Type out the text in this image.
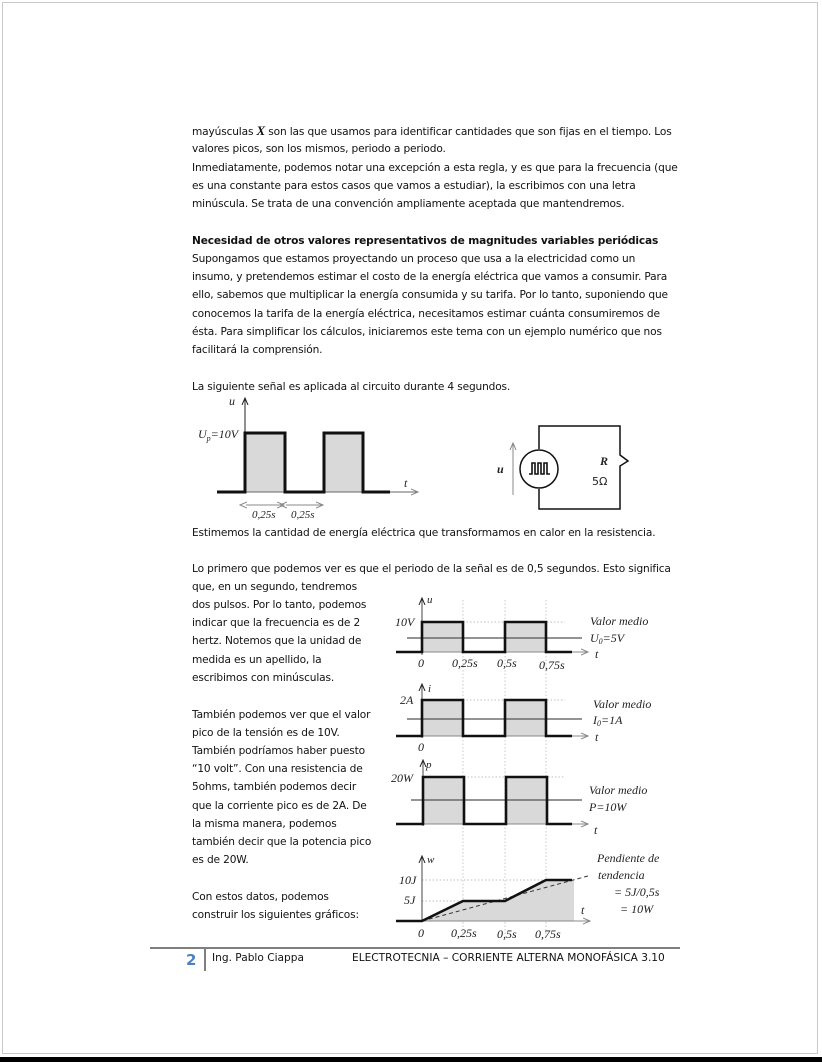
mayúsculas X son las que usamos para identificar cantidades que son fijas en el tiempo. Los
valores picos, son los mismos, periodo a periodo.
Inmediatamente, podemos notar una excepción a esta regla, y es que para la frecuencia (que
es una constante para estos casos que vamos a estudiar), la escribimos con una letra
minúscula. Se trata de una convención ampliamente aceptada que mantendremos.
Necesidad de otros valores representativos de magnitudes variables periódicas
Supongamos que estamos proyectando un proceso que usa a la electricidad como un
insumo, y pretendemos estimar el costo de la energía eléctrica que vamos a consumir. Para
ello, sabemos que multiplicar la energía consumida y su tarifa. Por lo tanto, suponiendo que
conocemos la tarifa de la energía eléctrica, necesitamos estimar cuánta consumiremos de
ésta. Para simplificar los cálculos, iniciaremos este tema con un ejemplo numérico que nos
facilitará la comprensión.
La siguiente señal es aplicada al circuito durante 4 segundos.
u
$U_p=10V$
t
0,25s 0,25s
u
R
5Ω
Estimemos la cantidad de energía eléctrica que transformamos en calor en la resistencia.
Lo primero que podemos ver es que el periodo de la señal es de 0,5 segundos. Esto significa
que, en un segundo, tendremos
dos pulsos. Por lo tanto, podemos
indicar que la frecuencia es de 2
hertz. Notemos que la unidad de
medida es un apellido, la
escribimos con minúsculas.
También podemos ver que el valor
pico de la tensión es de 10V.
También podríamos haber puesto
“10 volt”. Con una resistencia de
5ohms, también podemos decir
que la corriente pico es de 2A. De
la misma manera, podemos
también decir que la potencia pico
es de 20W.
Con estos datos, podemos
construir los siguientes gráficos:
u
10V
0 0,25s 0,5s 0,75s
t
Valor medio
U0=5V
i
2A
0
t
Valor medio
I0=1A
p
20W
t
Valor medio
P=10W
w
10J
5J
0 0,25s 0,5s 0,75s
t
Pendiente de
tendencia
= 5J/0,5s
= 10W
2 Ing. Pablo Ciappa	ELECTROTECNIA – CORRIENTE ALTERNA MONOFÁSICA 3.10
